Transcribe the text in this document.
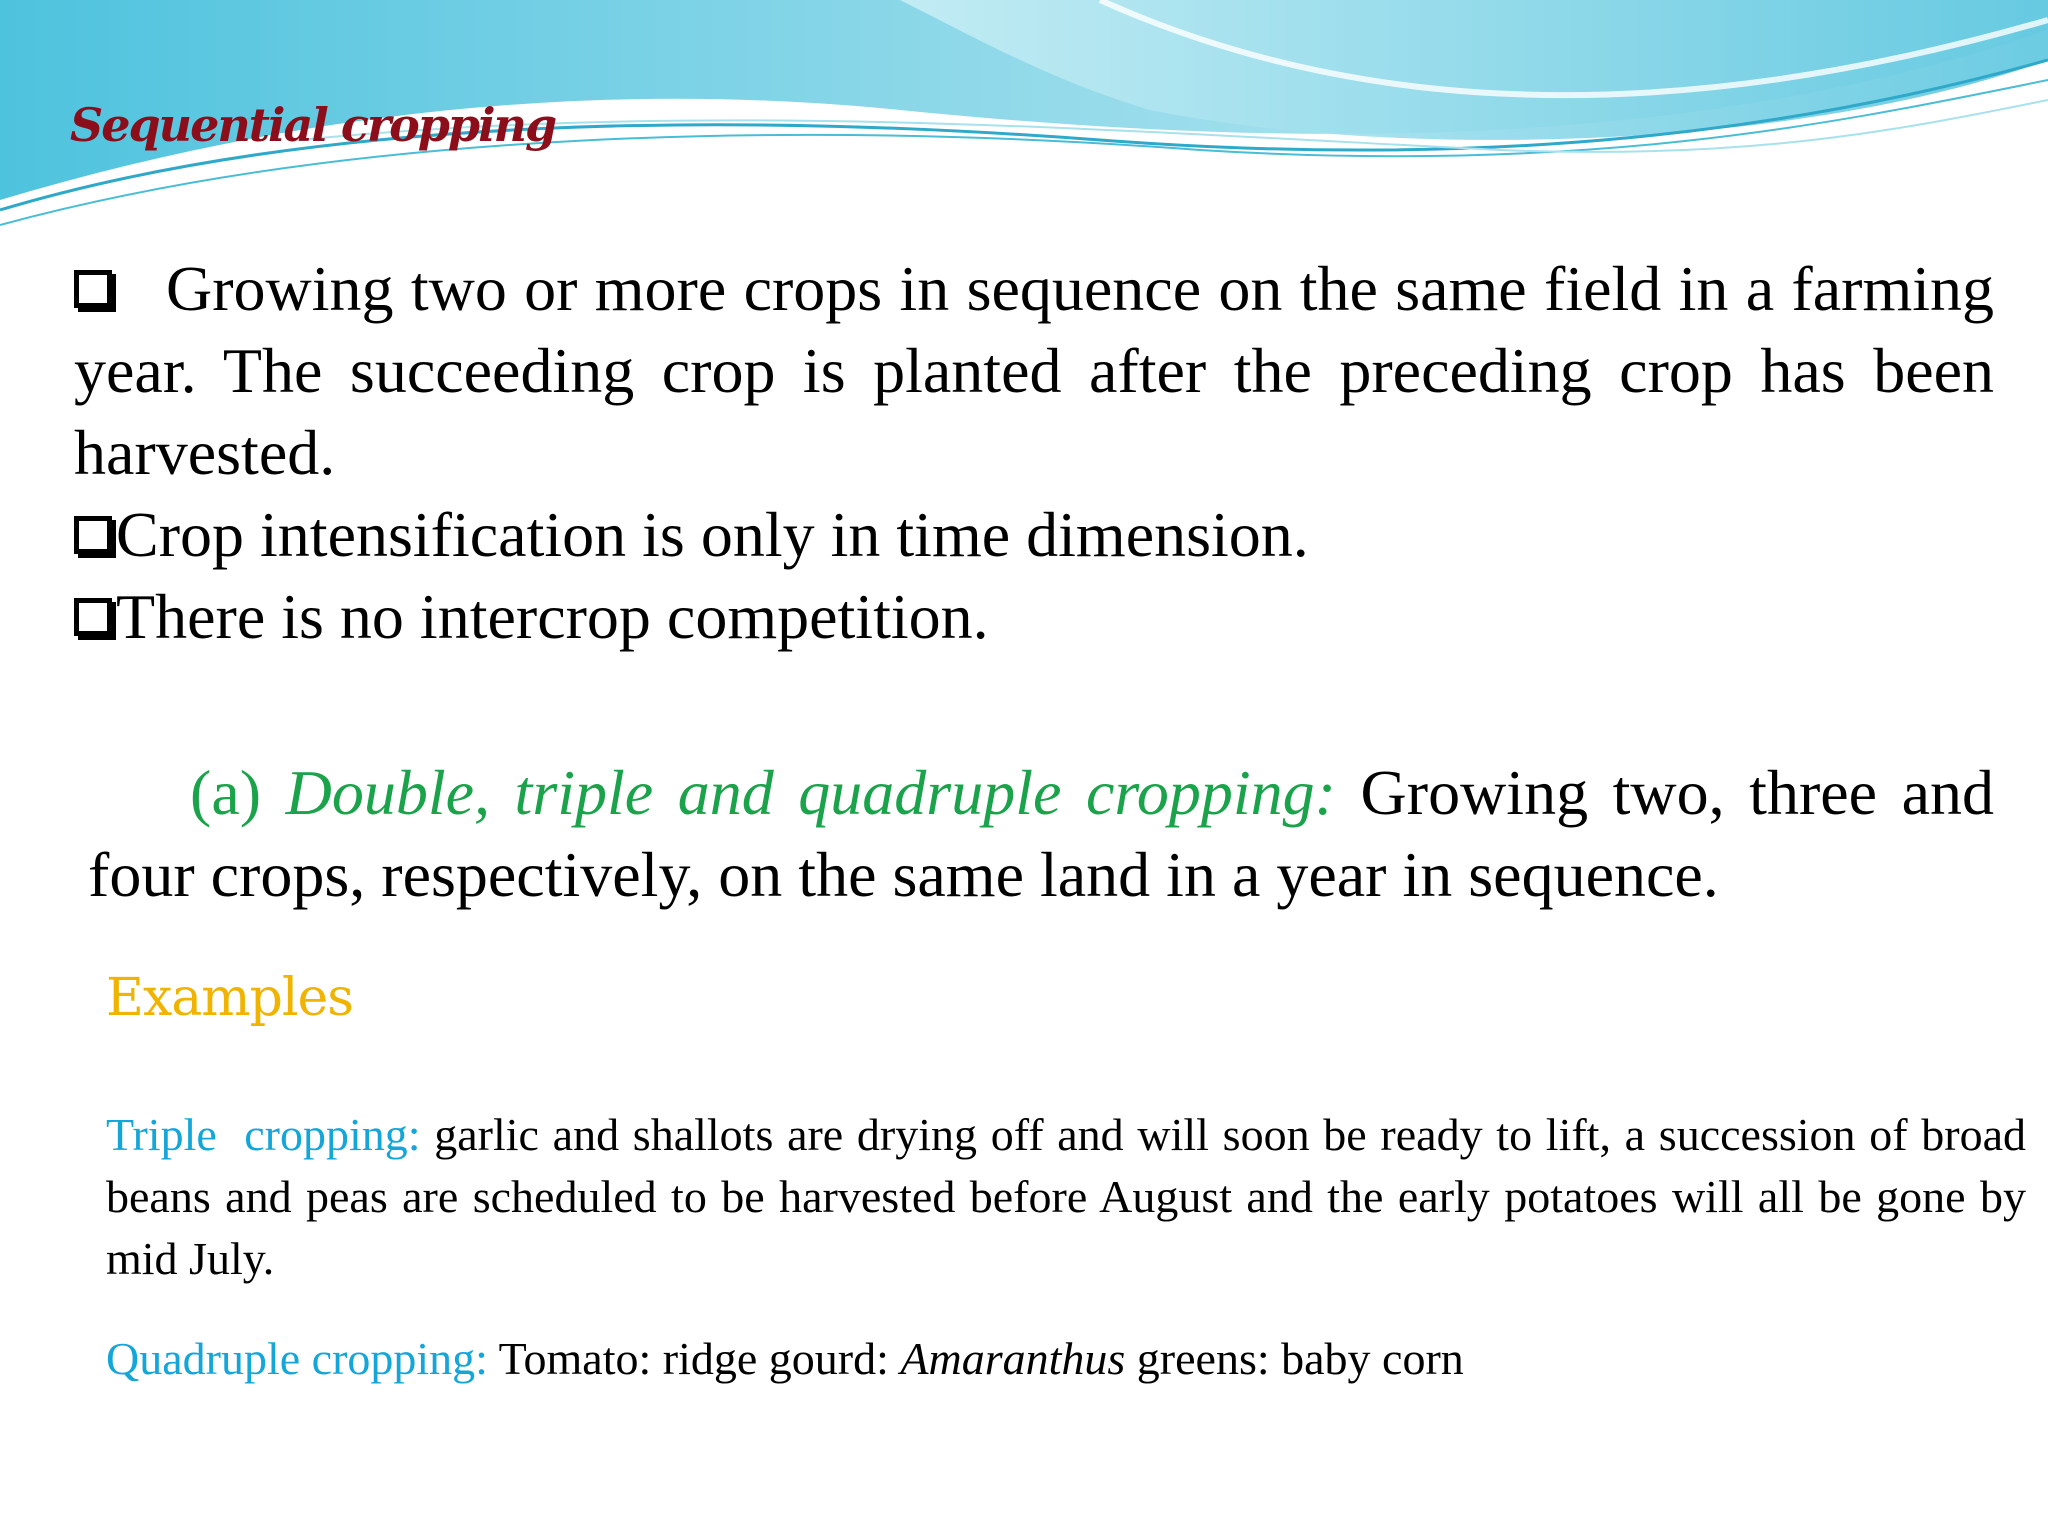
Sequential cropping

Growing two or more crops in sequence on the same field in a farming year. The succeeding crop is planted after the preceding crop has been harvested.

Crop intensification is only in time dimension.

There is no intercrop competition.

(a) Double, triple and quadruple cropping: Growing two, three and four crops, respectively, on the same land in a year in sequence.

Examples

Triple  cropping: garlic and shallots are drying off and will soon be ready to lift, a succession of broad beans and peas are scheduled to be harvested before August and the early potatoes will all be gone by mid July.

Quadruple cropping: Tomato: ridge gourd: Amaranthus greens: baby corn
